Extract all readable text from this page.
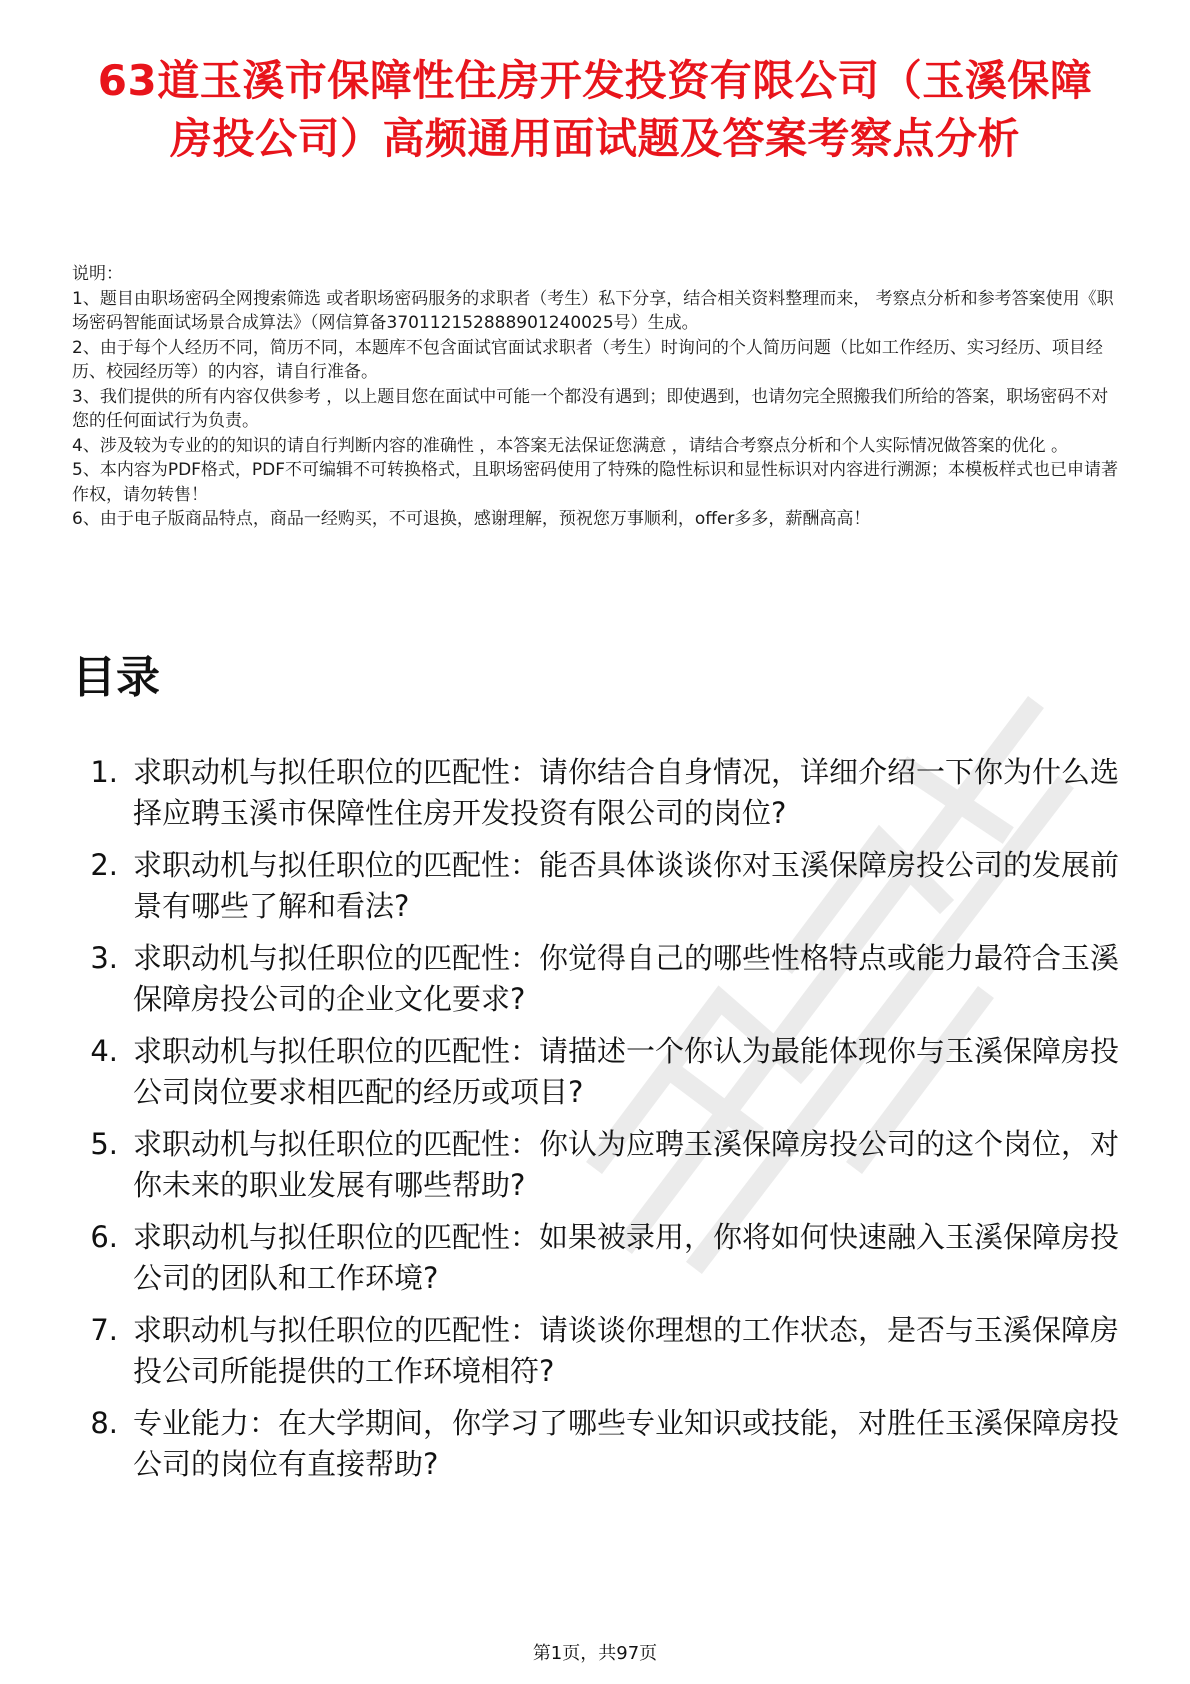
63道玉溪市保障性住房开发投资有限公司（玉溪保障房投公司）高频通用面试题及答案考察点分析
说明：
1、题目由职场密码全网搜索筛选 或者职场密码服务的求职者（考生）私下分享，结合相关资料整理而来， 考察点分析和参考答案使用《职场密码智能面试场景合成算法》（网信算备370112152888901240025号）生成。
2、由于每个人经历不同，简历不同，本题库不包含面试官面试求职者（考生）时询问的个人简历问题（比如工作经历、实习经历、项目经历、校园经历等）的内容，请自行准备。
3、我们提供的所有内容仅供参考 ，以上题目您在面试中可能一个都没有遇到；即使遇到，也请勿完全照搬我们所给的答案，职场密码不对您的任何面试行为负责。
4、涉及较为专业的的知识的请自行判断内容的准确性 ，本答案无法保证您满意 ，请结合考察点分析和个人实际情况做答案的优化 。
5、本内容为PDF格式，PDF不可编辑不可转换格式，且职场密码使用了特殊的隐性标识和显性标识对内容进行溯源；本模板样式也已申请著作权，请勿转售！
6、由于电子版商品特点，商品一经购买，不可退换，感谢理解，预祝您万事顺利，offer多多，薪酬高高！
目录
1. 求职动机与拟任职位的匹配性：请你结合自身情况，详细介绍一下你为什么选择应聘玉溪市保障性住房开发投资有限公司的岗位?
2. 求职动机与拟任职位的匹配性：能否具体谈谈你对玉溪保障房投公司的发展前景有哪些了解和看法?
3. 求职动机与拟任职位的匹配性：你觉得自己的哪些性格特点或能力最符合玉溪保障房投公司的企业文化要求?
4. 求职动机与拟任职位的匹配性：请描述一个你认为最能体现你与玉溪保障房投公司岗位要求相匹配的经历或项目?
5. 求职动机与拟任职位的匹配性：你认为应聘玉溪保障房投公司的这个岗位，对你未来的职业发展有哪些帮助?
6. 求职动机与拟任职位的匹配性：如果被录用，你将如何快速融入玉溪保障房投公司的团队和工作环境?
7. 求职动机与拟任职位的匹配性：请谈谈你理想的工作状态，是否与玉溪保障房投公司所能提供的工作环境相符?
8. 专业能力：在大学期间，你学习了哪些专业知识或技能，对胜任玉溪保障房投公司的岗位有直接帮助?
第1页，共97页
